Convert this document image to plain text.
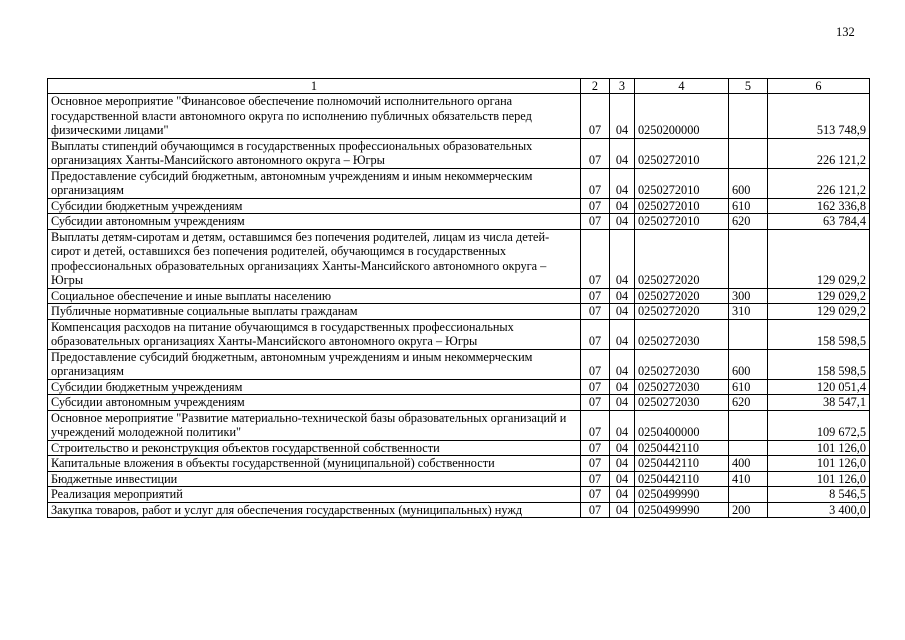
132
1	2	3	4	5	6
Основное мероприятие "Финансовое обеспечение полномочий исполнительного органа государственной власти автономного округа по исполнению публичных обязательств перед физическими лицами"	07	04	0250200000		513 748,9
Выплаты стипендий обучающимся в государственных профессиональных образовательных организациях Ханты-Мансийского автономного округа – Югры	07	04	0250272010		226 121,2
Предоставление субсидий бюджетным, автономным учреждениям и иным некоммерческим организациям	07	04	0250272010	600	226 121,2
Субсидии бюджетным учреждениям	07	04	0250272010	610	162 336,8
Субсидии автономным учреждениям	07	04	0250272010	620	63 784,4
Выплаты детям-сиротам и детям, оставшимся без попечения родителей, лицам из числа детей-сирот и детей, оставшихся без попечения родителей, обучающимся в государственных профессиональных образовательных организациях Ханты-Мансийского автономного округа – Югры	07	04	0250272020		129 029,2
Социальное обеспечение и иные выплаты населению	07	04	0250272020	300	129 029,2
Публичные нормативные социальные выплаты гражданам	07	04	0250272020	310	129 029,2
Компенсация расходов на питание обучающимся в государственных профессиональных образовательных организациях Ханты-Мансийского автономного округа – Югры	07	04	0250272030		158 598,5
Предоставление субсидий бюджетным, автономным учреждениям и иным некоммерческим организациям	07	04	0250272030	600	158 598,5
Субсидии бюджетным учреждениям	07	04	0250272030	610	120 051,4
Субсидии автономным учреждениям	07	04	0250272030	620	38 547,1
Основное мероприятие "Развитие материально-технической базы образовательных организаций и учреждений молодежной политики"	07	04	0250400000		109 672,5
Строительство и реконструкция объектов государственной собственности	07	04	0250442110		101 126,0
Капитальные вложения в объекты государственной (муниципальной) собственности	07	04	0250442110	400	101 126,0
Бюджетные инвестиции	07	04	0250442110	410	101 126,0
Реализация мероприятий	07	04	0250499990		8 546,5
Закупка товаров, работ и услуг для обеспечения государственных (муниципальных) нужд	07	04	0250499990	200	3 400,0
